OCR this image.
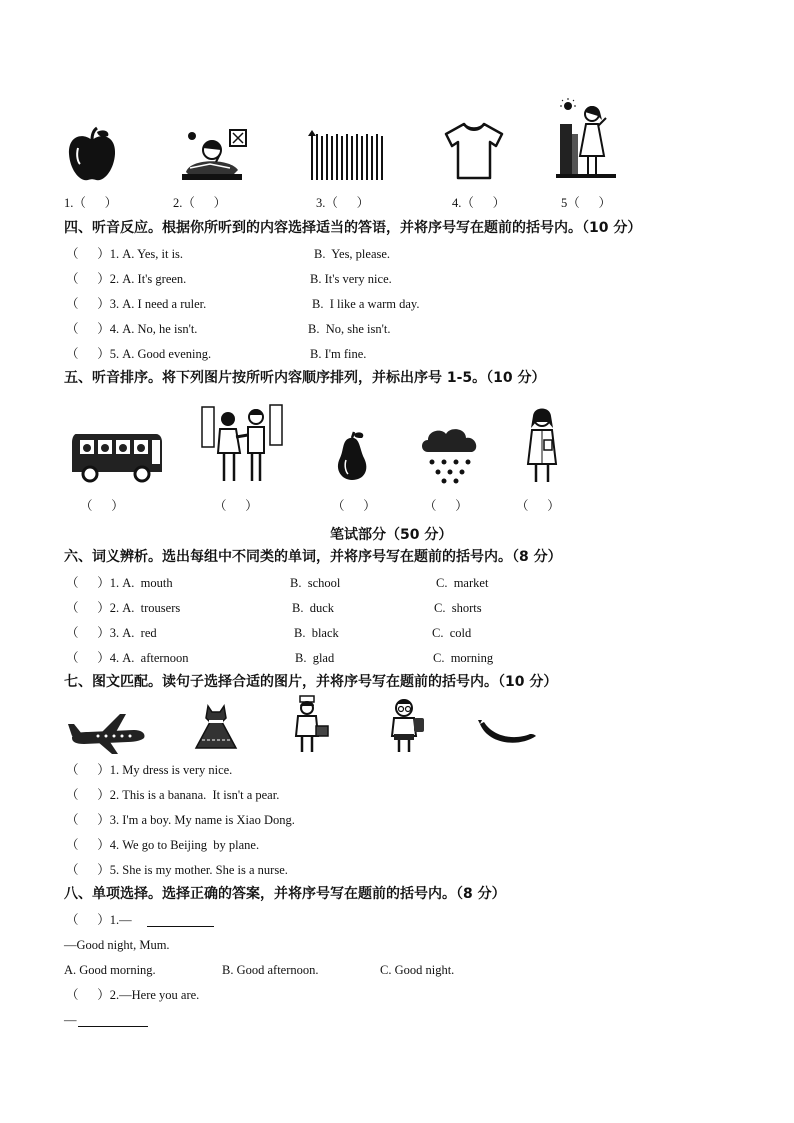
1.（      ）	2.（      ）	3.（      ）	4.（      ）	5（      ）
四、听音反应。根据你所听到的内容选择适当的答语，并将序号写在题前的括号内。（10 分）
（      ）1. A. Yes, it is.	B.  Yes, please.
（      ）2. A. It's green.	B. It's very nice.
（      ）3. A. I need a ruler.	B.  I like a warm day.
（      ）4. A. No, he isn't.	B.  No, she isn't.
（      ）5. A. Good evening.	B. I'm fine.
五、听音排序。将下列图片按所听内容顺序排列，并标出序号 1-5。（10 分）
（      ）	（      ）	（      ）	（      ）	（      ）
笔试部分（50 分）
六、词义辨析。选出每组中不同类的单词，并将序号写在题前的括号内。（8 分）
（      ）1. A.  mouth	B.  school	C.  market
（      ）2. A.  trousers	B.  duck	C.  shorts
（      ）3. A.  red	B.  black	C.  cold
（      ）4. A.  afternoon	B.  glad	C.  morning
七、图文匹配。读句子选择合适的图片，并将序号写在题前的括号内。（10 分）
（      ）1. My dress is very nice.
（      ）2. This is a banana.  It isn't a pear.
（      ）3. I'm a boy. My name is Xiao Dong.
（      ）4. We go to Beijing  by plane.
（      ）5. She is my mother. She is a nurse.
八、单项选择。选择正确的答案，并将序号写在题前的括号内。（8 分）
（      ）1.—
—Good night, Mum.
A. Good morning.	B. Good afternoon.	C. Good night.
（      ）2.—Here you are.
—
